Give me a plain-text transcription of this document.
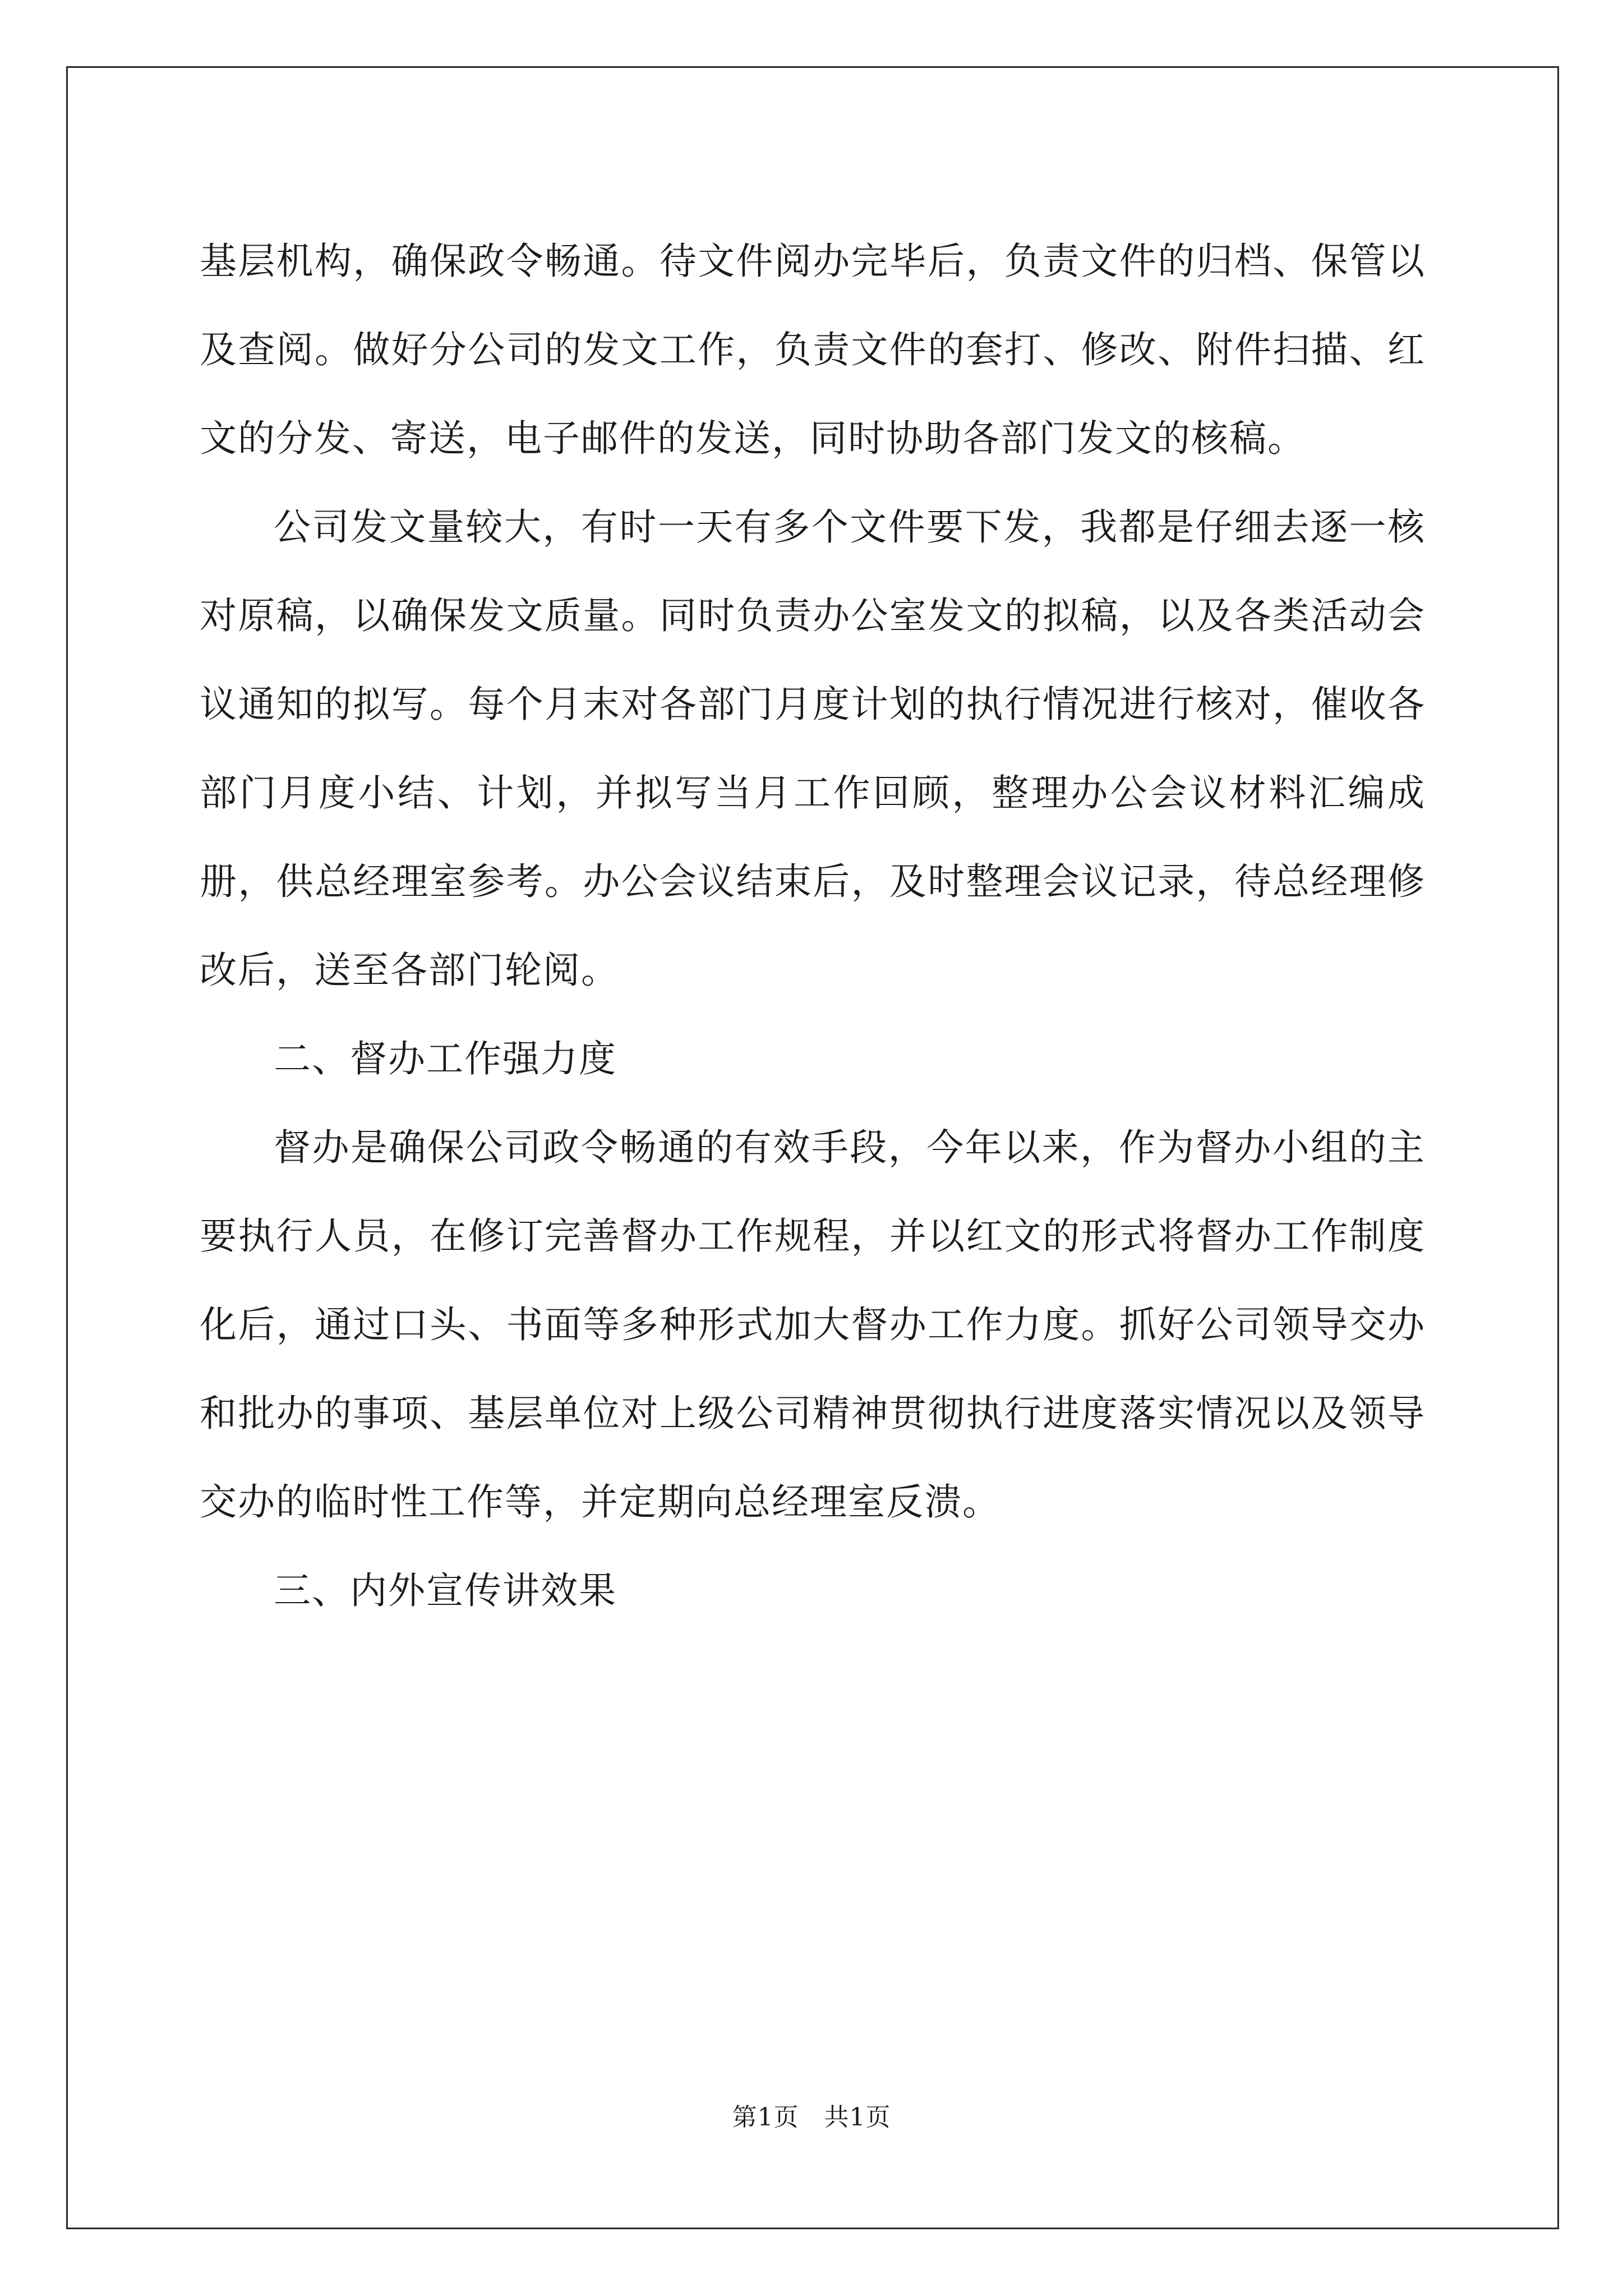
基层机构，确保政令畅通。待文件阅办完毕后，负责文件的归档、保管以及查阅。做好分公司的发文工作，负责文件的套打、修改、附件扫描、红文的分发、寄送，电子邮件的发送，同时协助各部门发文的核稿。

公司发文量较大，有时一天有多个文件要下发，我都是仔细去逐一核对原稿，以确保发文质量。同时负责办公室发文的拟稿，以及各类活动会议通知的拟写。每个月末对各部门月度计划的执行情况进行核对，催收各部门月度小结、计划，并拟写当月工作回顾，整理办公会议材料汇编成册，供总经理室参考。办公会议结束后，及时整理会议记录，待总经理修改后，送至各部门轮阅。

二、督办工作强力度

督办是确保公司政令畅通的有效手段，今年以来，作为督办小组的主要执行人员，在修订完善督办工作规程，并以红文的形式将督办工作制度化后，通过口头、书面等多种形式加大督办工作力度。抓好公司领导交办和批办的事项、基层单位对上级公司精神贯彻执行进度落实情况以及领导交办的临时性工作等，并定期向总经理室反溃。

三、内外宣传讲效果

第1页　共1页
